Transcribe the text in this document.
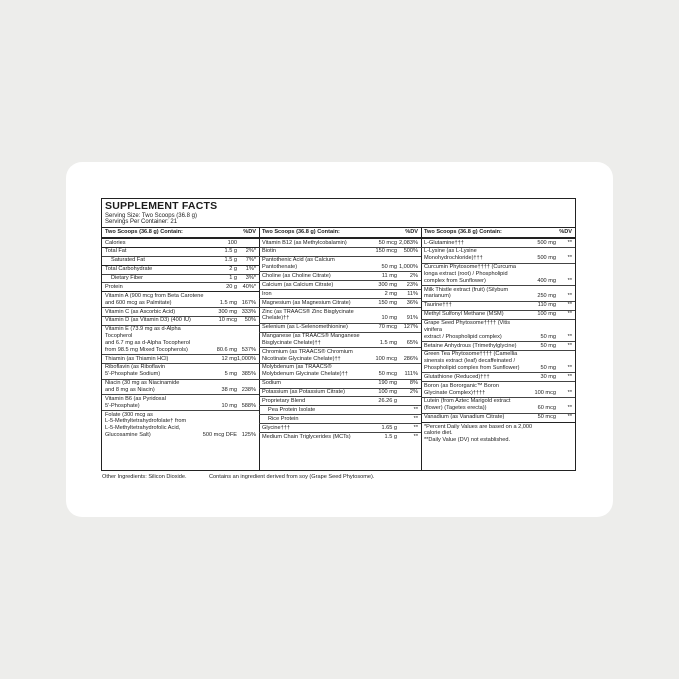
SUPPLEMENT FACTS
Serving Size: Two Scoops (36.8 g)
Servings Per Container: 21
Two Scoops (36.8 g) Contain:	%DV
Calories	100
Total Fat	1.5 g	2%*
Saturated Fat	1.5 g	7%*
Total Carbohydrate	2 g	1%*
Dietary Fiber	1 g	3%*
Protein	20 g	40%*
Vitamin A (900 mcg from Beta Carotene
and 600 mcg as Palmitate)	1.5 mg 167%
Vitamin C (as Ascorbic Acid)	300 mg 333%
Vitamin D (as Vitamin D3) (400 IU)	10 mcg	50%
Vitamin E (73.9 mg as d-Alpha Tocopherol
and 6.7 mg as d-Alpha Tocopherol
from 98.5 mg Mixed Tocopherols)	80.6 mg 537%
Thiamin (as Thiamin HCl)	12 mg 1,000%
Riboflavin (as Riboflavin
5'-Phosphate Sodium)	5 mg 385%
Niacin (30 mg as Niacinamide
and 8 mg as Niacin)	38 mg 238%
Vitamin B6 (as Pyridoxal
5'-Phosphate)	10 mg 588%
Folate (300 mcg as
L-5-Methyltetrahydrofolate† from
L-5-Methyltetrahydrofolic Acid,
Glucosamine Salt)	500 mcg DFE 125%
Two Scoops (36.8 g) Contain:	%DV
Vitamin B12 (as Methylcobalamin)	50 mcg 2,083%
Biotin	150 mcg	500%
Pantothenic Acid (as Calcium
Pantothenate)	50 mg 1,000%
Choline (as Choline Citrate)	11 mg	2%
Calcium (as Calcium Citrate)	300 mg	23%
Iron	2 mg	11%
Magnesium (as Magnesium Citrate)	150 mg	36%
Zinc (as TRAACS® Zinc Bisglycinate
Chelate)††	10 mg	91%
Selenium (as L-Selenomethionine)	70 mcg	127%
Manganese (as TRAACS® Manganese
Bisglycinate Chelate)††	1.5 mg	65%
Chromium (as TRAACS® Chromium
Nicotinate Glycinate Chelate)††	100 mcg	286%
Molybdenum (as TRAACS®
Molybdenum Glycinate Chelate)††	50 mcg	111%
Sodium	190 mg	8%
Potassium (as Potassium Citrate)	100 mg	2%
Proprietary Blend	26.26 g
Pea Protein Isolate	**
Rice Protein	**
Glycine†††	1.65 g	**
Medium Chain Triglycerides (MCTs)	1.5 g	**
Two Scoops (36.8 g) Contain:	%DV
L-Glutamine†††	500 mg	**
L-Lysine (as L-Lysine
Monohydrochloride)†††	500 mg	**
Curcumin Phytosome†††† (Curcuma
longa extract (root) / Phospholipid
complex from Sunflower)	400 mg	**
Milk Thistle extract (fruit) (Silybum
marianum)	250 mg	**
Taurine†††	110 mg	**
Methyl Sulfonyl Methane (MSM)	100 mg	**
Grape Seed Phytosome†††† (Vitis vinifera
extract / Phospholipid complex)	50 mg	**
Betaine Anhydrous (Trimethylglycine)	50 mg	**
Green Tea Phytosome†††† (Camellia
sinensis extract (leaf) decaffeinated /
Phospholipid complex from Sunflower)	50 mg	**
Glutathione (Reduced)†††	30 mg	**
Boron (as Bororganic™ Boron
Glycinate Complex)††††	100 mcg	**
Lutein (from Aztec Marigold extract
(flower) (Tagetes erecta))	60 mcg	**
Vanadium (as Vanadium Citrate)	50 mcg	**
*Percent Daily Values are based on a 2,000
calorie diet.
**Daily Value (DV) not established.
Other Ingredients: Silicon Dioxide.	Contains an ingredient derived from soy (Grape Seed Phytosome).
